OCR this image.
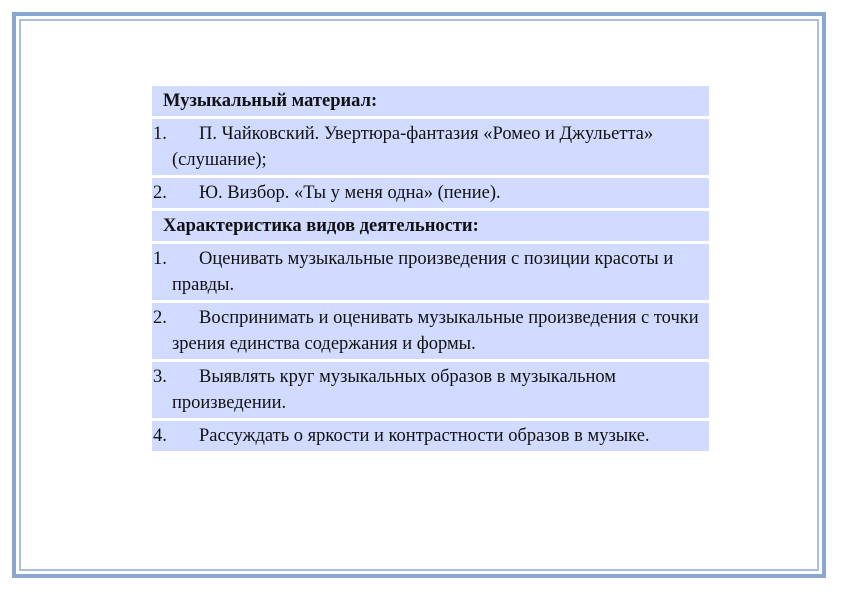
Музыкальный материал:
1.	П. Чайковский. Увертюра-фантазия «Ромео и Джульетта» (слушание);
2.	Ю. Визбор. «Ты у меня одна» (пение).
Характеристика видов деятельности:
1.	Оценивать музыкальные произведения с позиции красоты и правды.
2.	Воспринимать и оценивать музыкальные произведения с точки зрения единства содержания и формы.
3.	Выявлять круг музыкальных образов в музыкальном произведении.
4.	Рассуждать о яркости и контрастности образов в музыке.
